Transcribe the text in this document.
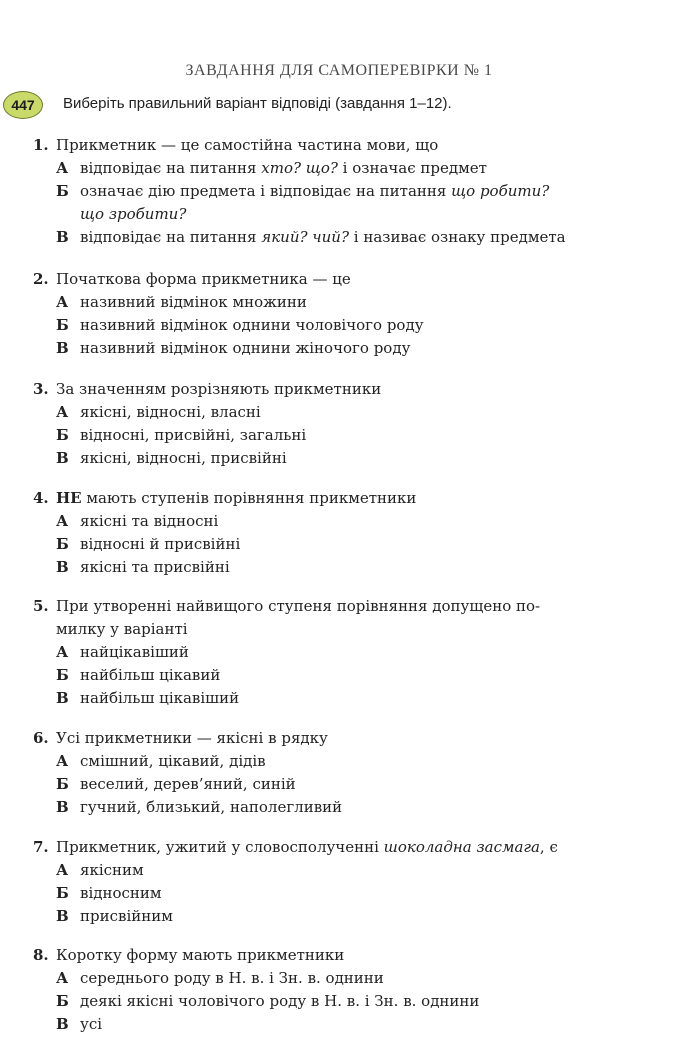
ЗАВДАННЯ ДЛЯ САМОПЕРЕВІРКИ № 1
447	Виберіть правильний варіант відповіді (завдання 1–12).
1. Прикметник — це самостійна частина мови, що
А відповідає на питання хто? що? і означає предмет
Б означає дію предмета і відповідає на питання що робити?
що зробити?
В відповідає на питання який? чий? і називає ознаку предмета
2. Початкова форма прикметника — це
А називний відмінок множини
Б називний відмінок однини чоловічого роду
В називний відмінок однини жіночого роду
3. За значенням розрізняють прикметники
А якісні, відносні, власні
Б відносні, присвійні, загальні
В якісні, відносні, присвійні
4. НЕ мають ступенів порівняння прикметники
А якісні та відносні
Б відносні й присвійні
В якісні та присвійні
5. При утворенні найвищого ступеня порівняння допущено по-
милку у варіанті
А найцікавіший
Б найбільш цікавий
В найбільш цікавіший
6. Усі прикметники — якісні в рядку
А смішний, цікавий, дідів
Б веселий, дерев’яний, синій
В гучний, близький, наполегливий
7. Прикметник, ужитий у словосполученні шоколадна засмага, є
А якісним
Б відносним
В присвійним
8. Коротку форму мають прикметники
А середнього роду в Н. в. і Зн. в. однини
Б деякі якісні чоловічого роду в Н. в. і Зн. в. однини
В усі
